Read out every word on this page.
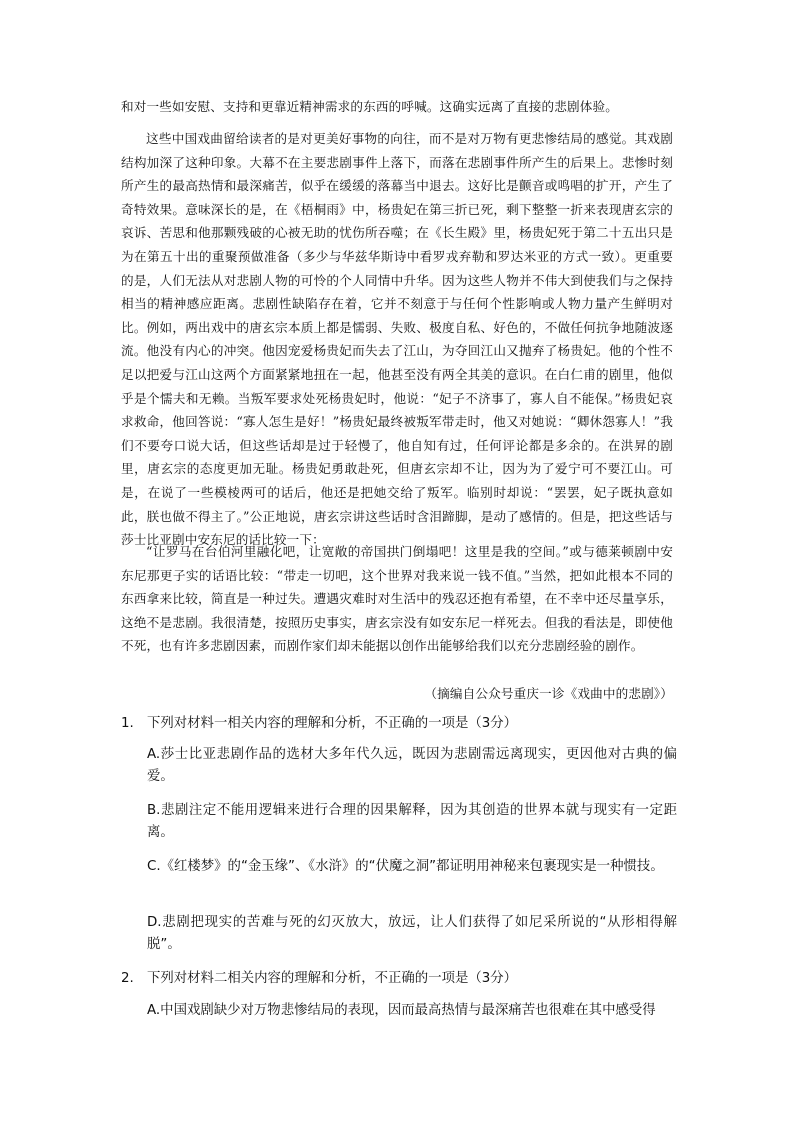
和对一些如安慰、支持和更靠近精神需求的东西的呼喊。这确实远离了直接的悲剧体验。

这些中国戏曲留给读者的是对更美好事物的向往，而不是对万物有更悲惨结局的感觉。其戏剧结构加深了这种印象。大幕不在主要悲剧事件上落下，而落在悲剧事件所产生的后果上。悲惨时刻所产生的最高热情和最深痛苦，似乎在缓缓的落幕当中退去。这好比是颤音或鸣唱的扩开，产生了奇特效果。意味深长的是，在《梧桐雨》中，杨贵妃在第三折已死，剩下整整一折来表现唐玄宗的哀诉、苦思和他那颗残破的心被无助的忧伤所吞噬；在《长生殿》里，杨贵妃死于第二十五出只是为在第五十出的重聚预做准备（多少与华兹华斯诗中看罗戎弃勒和罗达米亚的方式一致）。更重要的是，人们无法从对悲剧人物的可怜的个人同情中升华。因为这些人物并不伟大到使我们与之保持相当的精神感应距离。悲剧性缺陷存在着，它并不刻意于与任何个性影响或人物力量产生鲜明对比。例如，两出戏中的唐玄宗本质上都是懦弱、失败、极度自私、好色的，不做任何抗争地随波逐流。他没有内心的冲突。他因宠爱杨贵妃而失去了江山，为夺回江山又抛弃了杨贵妃。他的个性不足以把爱与江山这两个方面紧紧地扭在一起，他甚至没有两全其美的意识。在白仁甫的剧里，他似乎是个懦夫和无赖。当叛军要求处死杨贵妃时，他说：“妃子不济事了，寡人自不能保。”杨贵妃哀求救命，他回答说：“寡人怎生是好！”杨贵妃最终被叛军带走时，他又对她说：“卿休怨寡人！”我们不要夸口说大话，但这些话却是过于轻慢了，他自知有过，任何评论都是多余的。在洪昇的剧里，唐玄宗的态度更加无耻。杨贵妃勇敢赴死，但唐玄宗却不让，因为为了爱宁可不要江山。可是，在说了一些模棱两可的话后，他还是把她交给了叛军。临别时却说：“罢罢，妃子既执意如此，朕也做不得主了。”公正地说，唐玄宗讲这些话时含泪蹄脚，是动了感情的。但是，把这些话与莎士比亚剧中安东尼的话比较一下：

“让罗马在台伯河里融化吧，让宽敞的帝国拱门倒塌吧！这里是我的空间。”或与德莱顿剧中安东尼那更子实的话语比较：“带走一切吧，这个世界对我来说一钱不值。”当然，把如此根本不同的东西拿来比较，简直是一种过失。遭遇灾难时对生活中的残忍还抱有希望，在不幸中还尽量享乐，这绝不是悲剧。我很清楚，按照历史事实，唐玄宗没有如安东尼一样死去。但我的看法是，即使他不死，也有许多悲剧因素，而剧作家们却未能据以创作出能够给我们以充分悲剧经验的剧作。

（摘编自公众号重庆一诊《戏曲中的悲剧》）
1. 下列对材料一相关内容的理解和分析，不正确的一项是（3分）

A.莎士比亚悲剧作品的选材大多年代久远，既因为悲剧需远离现实，更因他对古典的偏爱。

B.悲剧注定不能用逻辑来进行合理的因果解释，因为其创造的世界本就与现实有一定距离。

C.《红楼梦》的“金玉缘”、《水浒》的“伏魔之洞”都证明用神秘来包裹现实是一种惯技。

D.悲剧把现实的苦难与死的幻灭放大，放远，让人们获得了如尼采所说的“从形相得解脱”。

2. 下列对材料二相关内容的理解和分析，不正确的一项是（3分）

A.中国戏剧缺少对万物悲惨结局的表现，因而最高热情与最深痛苦也很难在其中感受得
